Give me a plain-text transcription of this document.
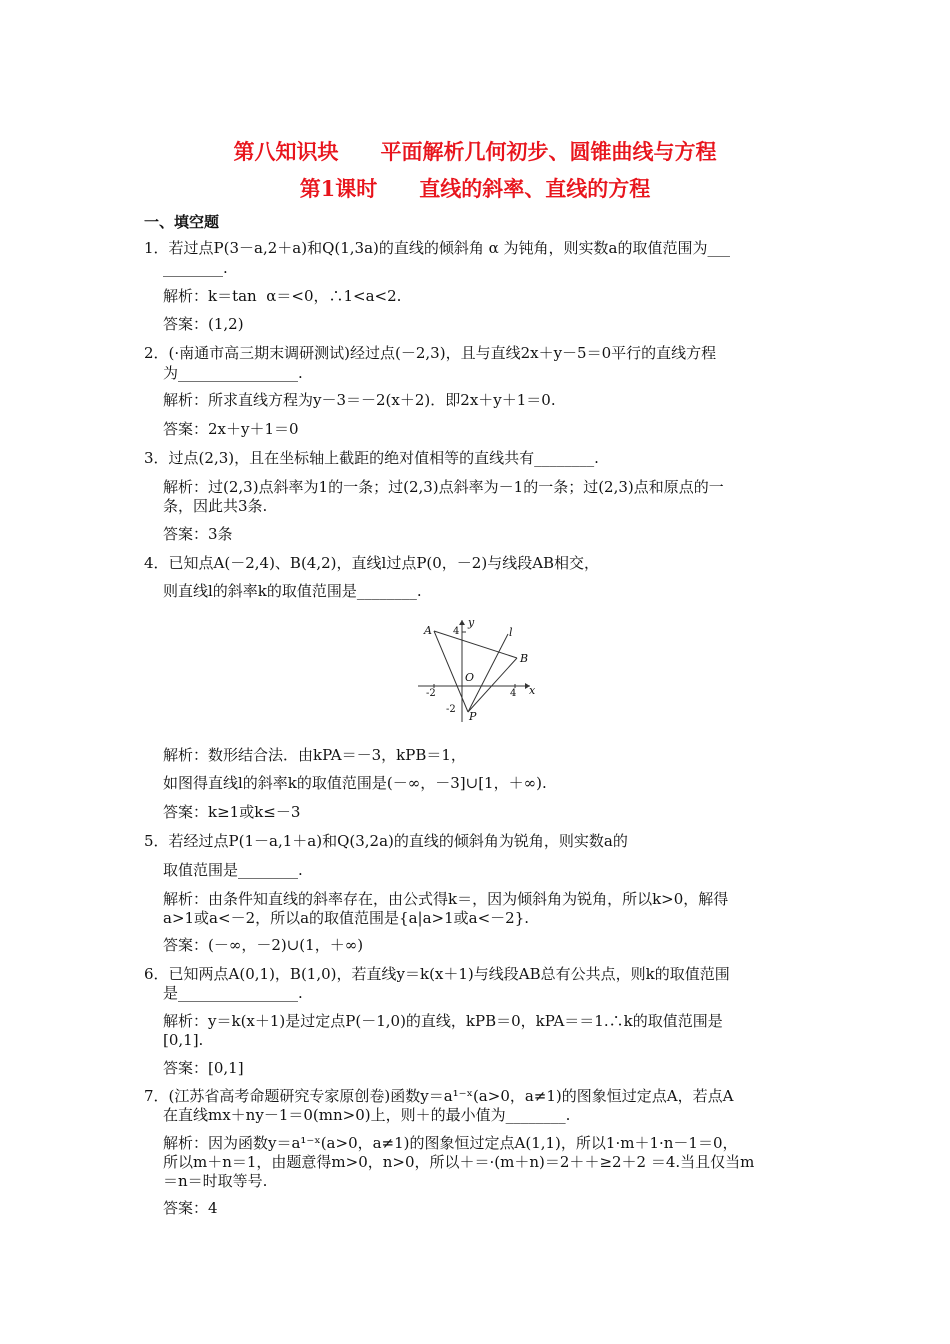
第八知识块　　平面解析几何初步、圆锥曲线与方程
第1课时　　直线的斜率、直线的方程
一、填空题
1．若过点P(3－a,2＋a)和Q(1,3a)的直线的倾斜角 α 为钝角，则实数a的取值范围为___
________.
解析：k＝tan  α＝<0，∴1<a<2.
答案：(1,2)
2．(·南通市高三期末调研测试)经过点(－2,3)，且与直线2x＋y－5＝0平行的直线方程
为________________.
解析：所求直线方程为y－3＝－2(x＋2)．即2x＋y＋1＝0.
答案：2x＋y＋1＝0
3．过点(2,3)，且在坐标轴上截距的绝对值相等的直线共有________.
解析：过(2,3)点斜率为1的一条；过(2,3)点斜率为－1的一条；过(2,3)点和原点的一
条，因此共3条.
答案：3条
4．已知点A(－2,4)、B(4,2)，直线l过点P(0，－2)与线段AB相交，
则直线l的斜率k的取值范围是________.
A
B
P
l
y
x
O
4
-2	4
-2
解析：数形结合法．由kPA＝－3，kPB＝1，
如图得直线l的斜率k的取值范围是(－∞，－3]∪[1，＋∞).
答案：k≥1或k≤－3
5．若经过点P(1－a,1＋a)和Q(3,2a)的直线的倾斜角为锐角，则实数a的
取值范围是________.
解析：由条件知直线的斜率存在，由公式得k＝，因为倾斜角为锐角，所以k>0，解得
a>1或a<－2，所以a的取值范围是{a|a>1或a<－2}.
答案：(－∞，－2)∪(1，＋∞)
6．已知两点A(0,1)，B(1,0)，若直线y＝k(x＋1)与线段AB总有公共点，则k的取值范围
是________________.
解析：y＝k(x＋1)是过定点P(－1,0)的直线，kPB＝0，kPA＝＝1.∴k的取值范围是
[0,1].
答案：[0,1]
7．(江苏省高考命题研究专家原创卷)函数y＝a¹⁻ˣ(a>0，a≠1)的图象恒过定点A，若点A
在直线mx＋ny－1＝0(mn>0)上，则＋的最小值为________.
解析：因为函数y＝a¹⁻ˣ(a>0，a≠1)的图象恒过定点A(1,1)，所以1·m＋1·n－1＝0，
所以m＋n＝1，由题意得m>0，n>0，所以＋＝·(m＋n)＝2＋＋≥2＋2 ＝4.当且仅当m
＝n＝时取等号.
答案：4
